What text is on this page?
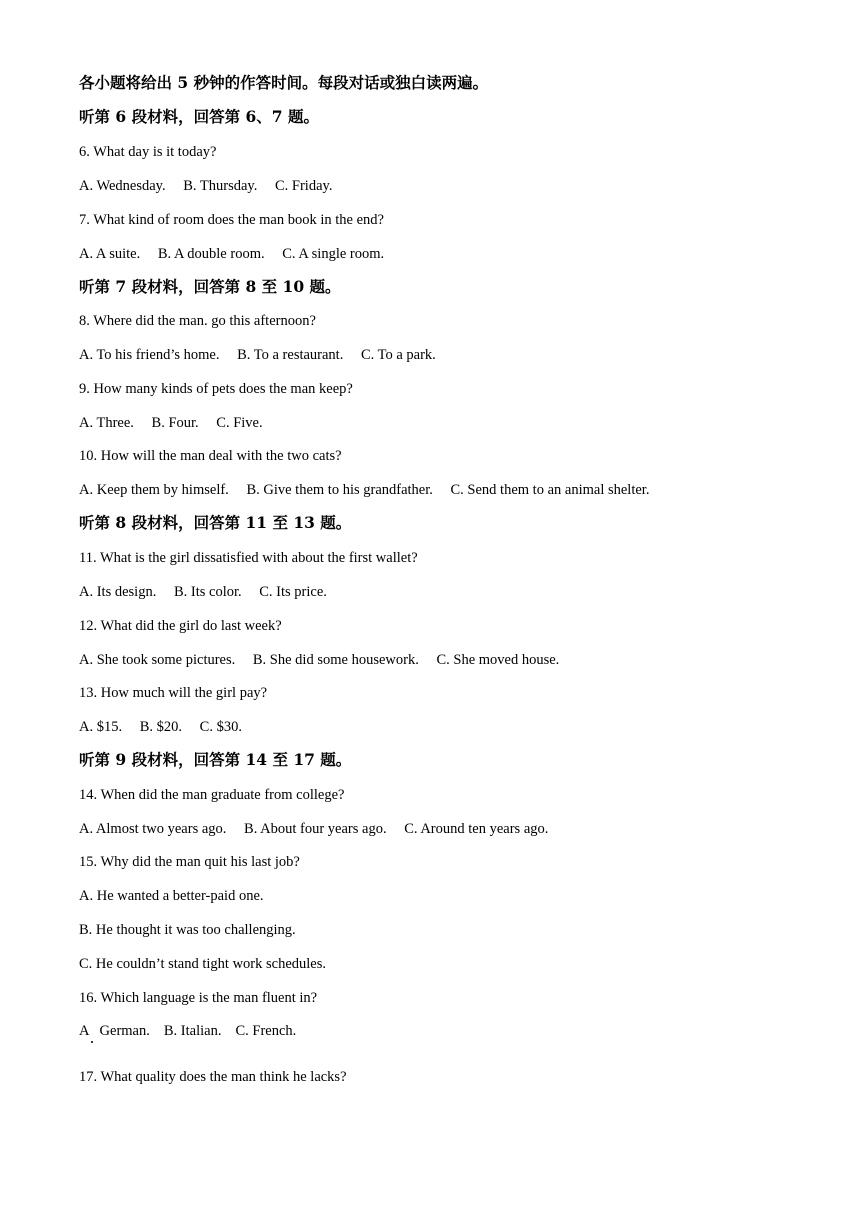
各小题将给出 5 秒钟的作答时间。每段对话或独白读两遍。
听第 6 段材料，回答第 6、7 题。
6. What day is it today?
A. Wednesday. B. Thursday. C. Friday.
7. What kind of room does the man book in the end?
A. A suite. B. A double room. C. A single room.
听第 7 段材料，回答第 8 至 10 题。
8. Where did the man. go this afternoon?
A. To his friend’s home. B. To a restaurant. C. To a park.
9. How many kinds of pets does the man keep?
A. Three. B. Four. C. Five.
10. How will the man deal with the two cats?
A. Keep them by himself. B. Give them to his grandfather. C. Send them to an animal shelter.
听第 8 段材料，回答第 11 至 13 题。
11. What is the girl dissatisfied with about the first wallet?
A. Its design. B. Its color. C. Its price.
12. What did the girl do last week?
A. She took some pictures. B. She did some housework. C. She moved house.
13. How much will the girl pay?
A. $15. B. $20. C. $30.
听第 9 段材料，回答第 14 至 17 题。
14. When did the man graduate from college?
A. Almost two years ago. B. About four years ago. C. Around ten years ago.
15. Why did the man quit his last job?
A. He wanted a better-paid one.
B. He thought it was too challenging.
C. He couldn’t stand tight work schedules.
16. Which language is the man fluent in?
A   German. B. Italian. C. French.
17. What quality does the man think he lacks?
